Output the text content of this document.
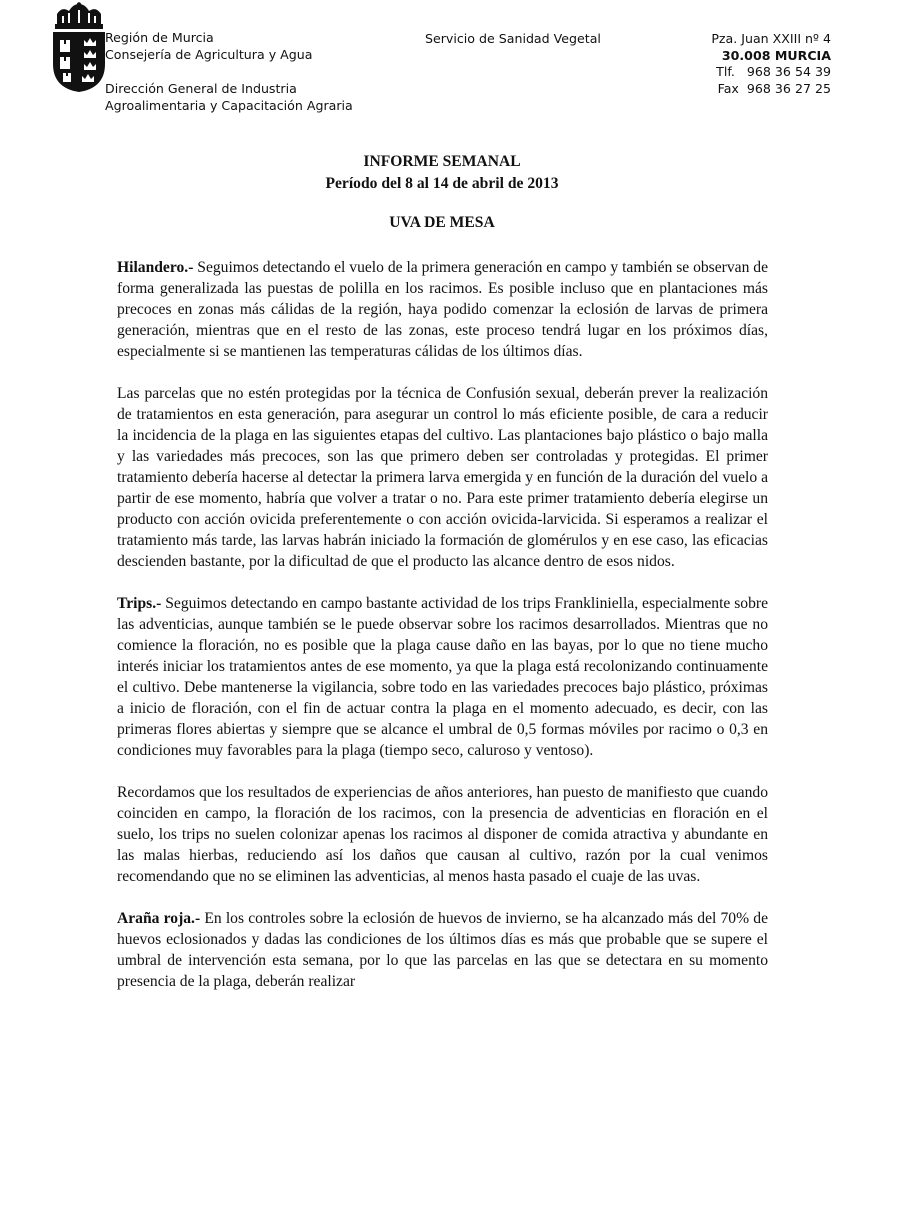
Región de Murcia
Consejería de Agricultura y Agua
Dirección General de Industria
Agroalimentaria y Capacitación Agraria
Servicio de Sanidad Vegetal	Pza. Juan XXIII nº 4
30.008 MURCIA
Tlf.   968 36 54 39
Fax  968 36 27 25
INFORME SEMANAL
Período del 8 al 14 de abril de 2013
UVA DE MESA

Hilandero.- Seguimos detectando el vuelo de la primera generación en campo y también se observan de forma generalizada las puestas de polilla en los racimos. Es posible incluso que en plantaciones más precoces en zonas más cálidas de la región, haya podido comenzar la eclosión de larvas de primera generación, mientras que en el resto de las zonas, este proceso tendrá lugar en los próximos días, especialmente si se mantienen las temperaturas cálidas de los últimos días.

Las parcelas que no estén protegidas por la técnica de Confusión sexual, deberán prever la realización de tratamientos en esta generación, para asegurar un control lo más eficiente posible, de cara a reducir la incidencia de la plaga en las siguientes etapas del cultivo. Las plantaciones bajo plástico o bajo malla y las variedades más precoces, son las que primero deben ser controladas y protegidas. El primer tratamiento debería hacerse al detectar la primera larva emergida y en función de la duración del vuelo a partir de ese momento, habría que volver a tratar o no. Para este primer tratamiento debería elegirse un producto con acción ovicida preferentemente o con acción ovicida-larvicida. Si esperamos a realizar el tratamiento más tarde, las larvas habrán iniciado la formación de glomérulos y en ese caso, las eficacias descienden bastante, por la dificultad de que el producto las alcance dentro de esos nidos.

Trips.- Seguimos detectando en campo bastante actividad de los trips Frankliniella, especialmente sobre las adventicias, aunque también se le puede observar sobre los racimos desarrollados. Mientras que no comience la floración, no es posible que la plaga cause daño en las bayas, por lo que no tiene mucho interés iniciar los tratamientos antes de ese momento, ya que la plaga está recolonizando continuamente el cultivo. Debe mantenerse la vigilancia, sobre todo en las variedades precoces bajo plástico, próximas a inicio de floración, con el fin de actuar contra la plaga en el momento adecuado, es decir, con las primeras flores abiertas y siempre que se alcance el umbral de 0,5 formas móviles por racimo o 0,3 en condiciones muy favorables para la plaga (tiempo seco, caluroso y ventoso).

Recordamos que los resultados de experiencias de años anteriores, han puesto de manifiesto que cuando coinciden en campo, la floración de los racimos, con la presencia de adventicias en floración en el suelo, los trips no suelen colonizar apenas los racimos al disponer de comida atractiva y abundante en las malas hierbas, reduciendo así los daños que causan al cultivo, razón por la cual venimos recomendando que no se eliminen las adventicias, al menos hasta pasado el cuaje de las uvas.

Araña roja.- En los controles sobre la eclosión de huevos de invierno, se ha alcanzado más del 70% de huevos eclosionados y dadas las condiciones de los últimos días es más que probable que se supere el umbral de intervención esta semana, por lo que las parcelas en las que se detectara en su momento presencia de la plaga, deberán realizar
